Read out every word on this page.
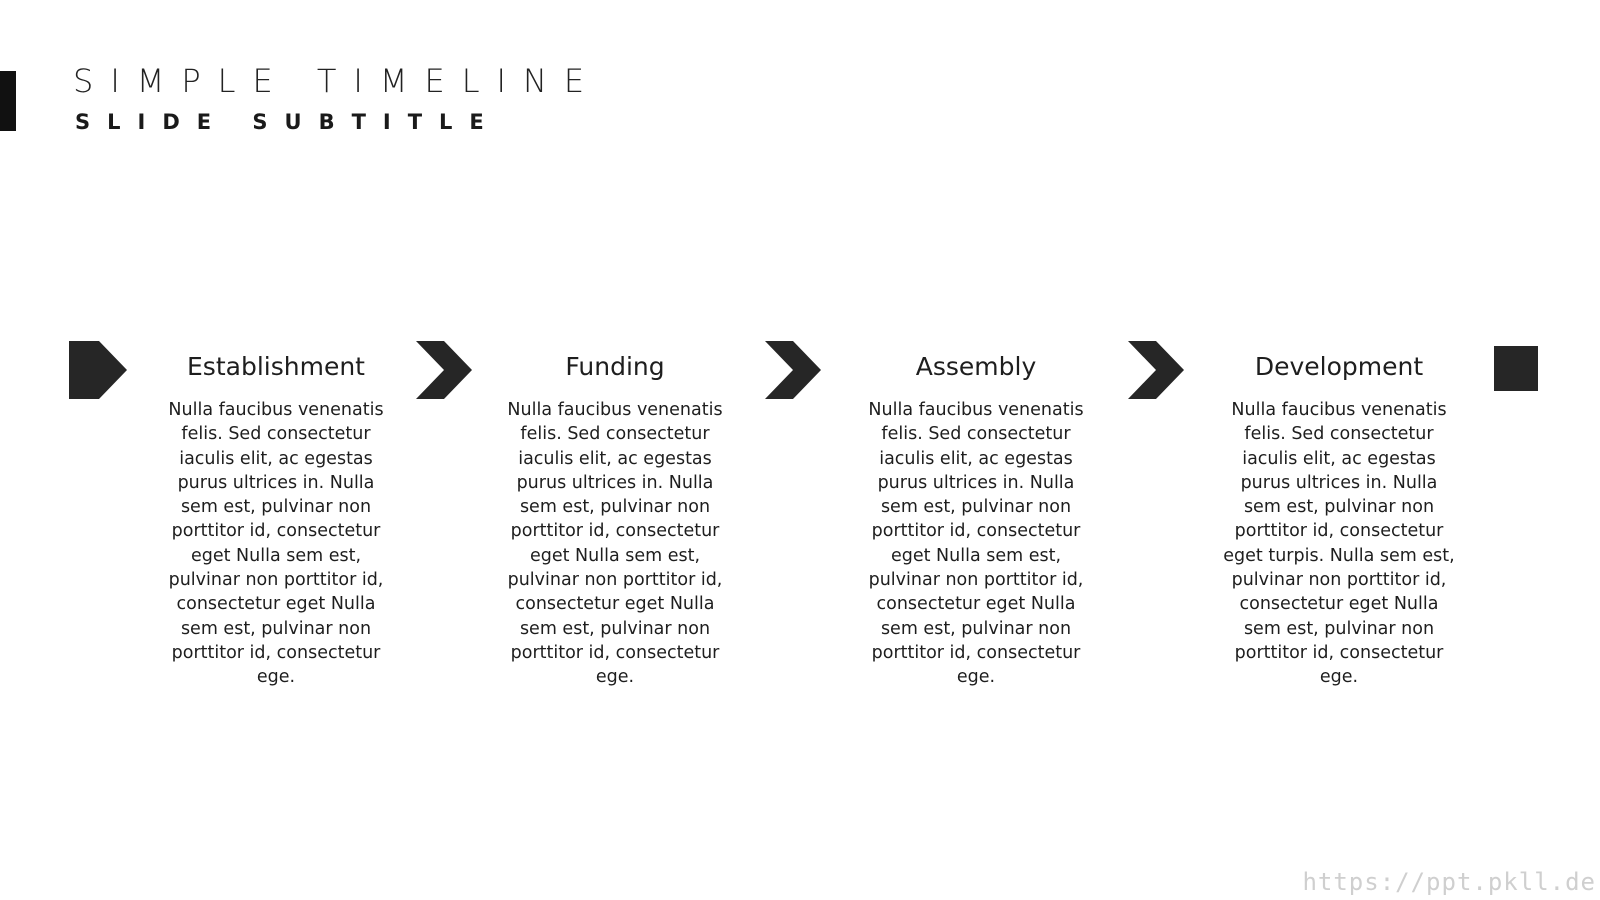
SIMPLE TIMELINE
SLIDE SUBTITLE
Establishment
Nulla faucibus venenatis felis. Sed consectetur iaculis elit, ac egestas purus ultrices in. Nulla sem est, pulvinar non porttitor id, consectetur eget Nulla sem est, pulvinar non porttitor id, consectetur eget Nulla sem est, pulvinar non porttitor id, consectetur ege.
Funding
Nulla faucibus venenatis felis. Sed consectetur iaculis elit, ac egestas purus ultrices in. Nulla sem est, pulvinar non porttitor id, consectetur eget Nulla sem est, pulvinar non porttitor id, consectetur eget Nulla sem est, pulvinar non porttitor id, consectetur ege.
Assembly
Nulla faucibus venenatis felis. Sed consectetur iaculis elit, ac egestas purus ultrices in. Nulla sem est, pulvinar non porttitor id, consectetur eget Nulla sem est, pulvinar non porttitor id, consectetur eget Nulla sem est, pulvinar non porttitor id, consectetur ege.
Development
Nulla faucibus venenatis felis. Sed consectetur iaculis elit, ac egestas purus ultrices in. Nulla sem est, pulvinar non porttitor id, consectetur eget turpis. Nulla sem est, pulvinar non porttitor id, consectetur eget Nulla sem est, pulvinar non porttitor id, consectetur ege.
https://ppt.pkll.de
